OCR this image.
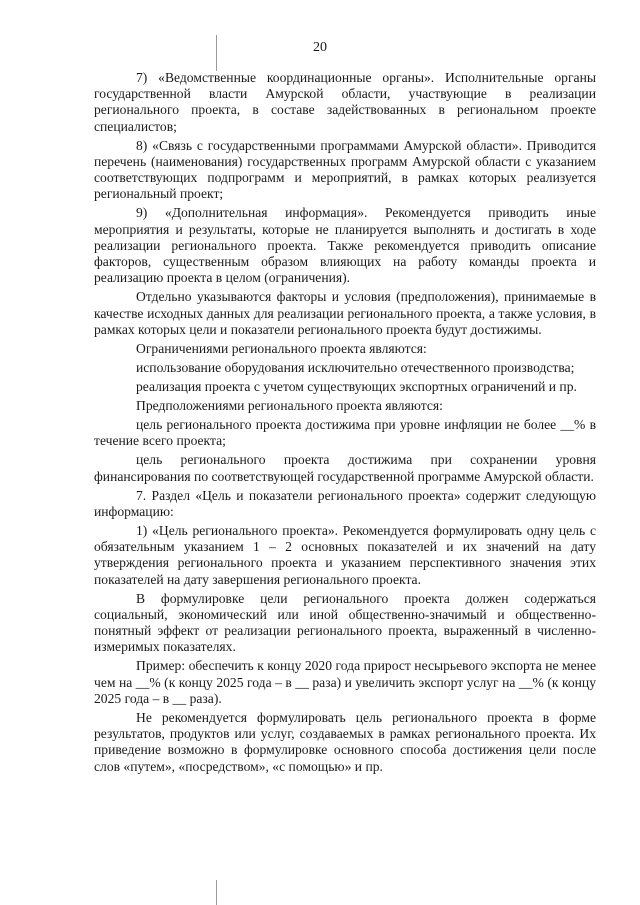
20

7) «Ведомственные координационные органы». Исполнительные органы государственной власти Амурской области, участвующие в реализации регионального проекта, в составе задействованных в региональном проекте специалистов;

8) «Связь с государственными программами Амурской области». Приводится перечень (наименования) государственных программ Амурской области с указанием соответствующих подпрограмм и мероприятий, в рамках которых реализуется региональный проект;

9) «Дополнительная информация». Рекомендуется приводить иные мероприятия и результаты, которые не планируется выполнять и достигать в ходе реализации регионального проекта. Также рекомендуется приводить описание факторов, существенным образом влияющих на работу команды проекта и реализацию проекта в целом (ограничения).

Отдельно указываются факторы и условия (предположения), принимаемые в качестве исходных данных для реализации регионального проекта, а также условия, в рамках которых цели и показатели регионального проекта будут достижимы.

Ограничениями регионального проекта являются:

использование оборудования исключительно отечественного производства;

реализация проекта с учетом существующих экспортных ограничений и пр.

Предположениями регионального проекта являются:

цель регионального проекта достижима при уровне инфляции не более __% в течение всего проекта;

цель регионального проекта достижима при сохранении уровня финансирования по соответствующей государственной программе Амурской области.

7. Раздел «Цель и показатели регионального проекта» содержит следующую информацию:

1) «Цель регионального проекта». Рекомендуется формулировать одну цель с обязательным указанием 1 – 2 основных показателей и их значений на дату утверждения регионального проекта и указанием перспективного значения этих показателей на дату завершения регионального проекта.

В формулировке цели регионального проекта должен содержаться социальный, экономический или иной общественно-значимый и общественно-понятный эффект от реализации регионального проекта, выраженный в численно-измеримых показателях.

Пример: обеспечить к концу 2020 года прирост несырьевого экспорта не менее чем на __% (к концу 2025 года – в __ раза) и увеличить экспорт услуг на __% (к концу 2025 года – в __ раза).

Не рекомендуется формулировать цель регионального проекта в форме результатов, продуктов или услуг, создаваемых в рамках регионального проекта. Их приведение возможно в формулировке основного способа достижения цели после слов «путем», «посредством», «с помощью» и пр.
